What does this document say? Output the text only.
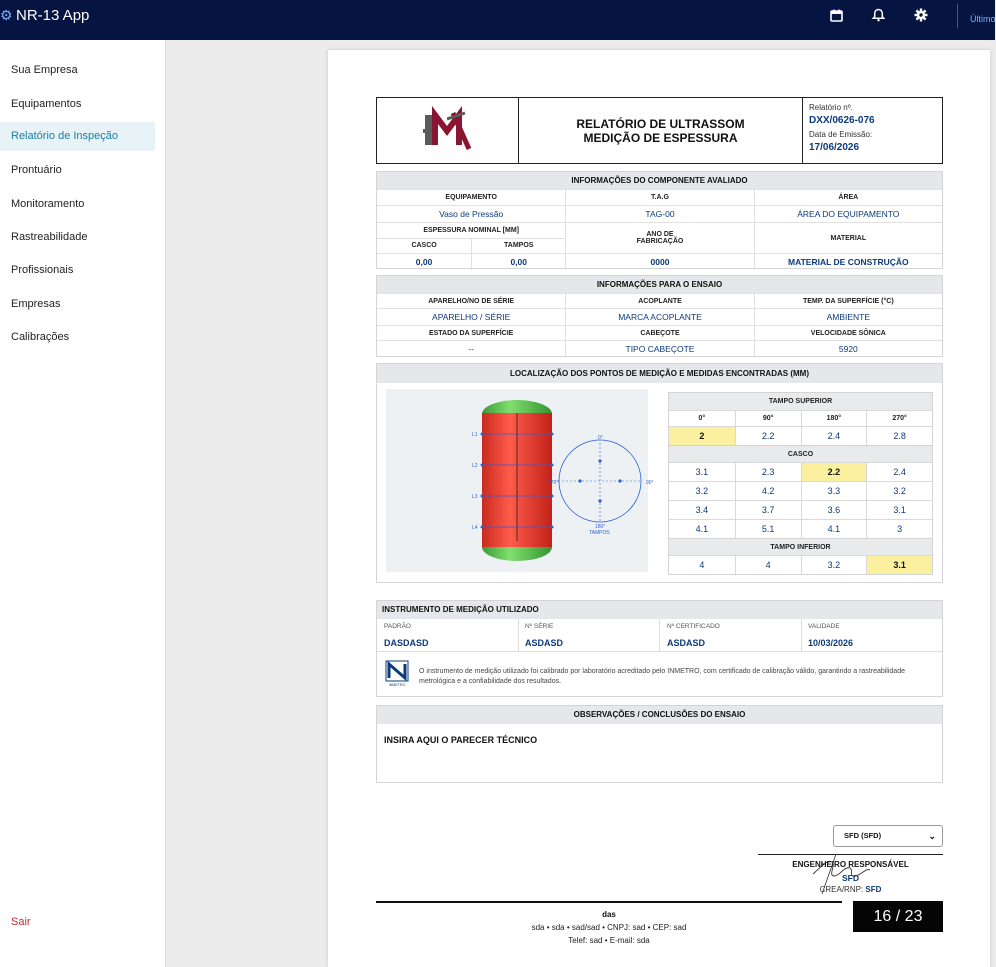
⚙ NR-13 App	Último
Sua Empresa
Equipamentos
Relatório de Inspeção
Prontuário
Monitoramento
Rastreabilidade
Profissionais
Empresas
Calibrações
Sair
RELATÓRIO DE ULTRASSOM
MEDIÇÃO DE ESPESSURA
Relatório nº.
DXX/0626-076
Data de Emissão:
17/06/2026
INFORMAÇÕES DO COMPONENTE AVALIADO
EQUIPAMENTO	T.A.G	ÁREA
Vaso de Pressão	TAG-00	ÁREA DO EQUIPAMENTO
ESPESSURA NOMINAL [MM]
CASCO	TAMPOS
ANO DE
FABRICAÇÃO	MATERIAL
0,00	0,00	0000	MATERIAL DE CONSTRUÇÃO
INFORMAÇÕES PARA O ENSAIO
APARELHO/NO DE SÉRIE	ACOPLANTE	TEMP. DA SUPERFÍCIE (°C)
APARELHO / SÉRIE	MARCA ACOPLANTE	AMBIENTE
ESTADO DA SUPERFÍCIE	CABEÇOTE	VELOCIDADE SÔNICA
--	TIPO CABEÇOTE	5920
LOCALIZAÇÃO DOS PONTOS DE MEDIÇÃO E MEDIDAS ENCONTRADAS (MM)
L1
L2
L3
L4
0°
90°
180°
270°
TAMPOS
TAMPO SUPERIOR
0°	90°	180°	270°
2	2.2	2.4	2.8
CASCO
3.1	2.3	2.2	2.4
3.2	4.2	3.3	3.2
3.4	3.7	3.6	3.1
4.1	5.1	4.1	3
TAMPO INFERIOR
4	4	3.2	3.1
INSTRUMENTO DE MEDIÇÃO UTILIZADO
PADRÃO
DASDASD
Nº SÉRIE
ASDASD
Nº CERTIFICADO
ASDASD
VALIDADE
10/03/2026
INMETRO
O instrumento de medição utilizado foi calibrado por laboratório acreditado pelo INMETRO, com certificado de calibração válido, garantindo a rastreabilidade metrológica e a confiabilidade dos resultados.
OBSERVAÇÕES / CONCLUSÕES DO ENSAIO
INSIRA AQUI O PARECER TÉCNICO
SFD (SFD)	⌄
ENGENHEIRO RESPONSÁVEL
SFD
CREA/RNP: SFD
das
sda • sda • sad/sad • CNPJ: sad • CEP: sad
Telef: sad • E-mail: sda
16 / 23
